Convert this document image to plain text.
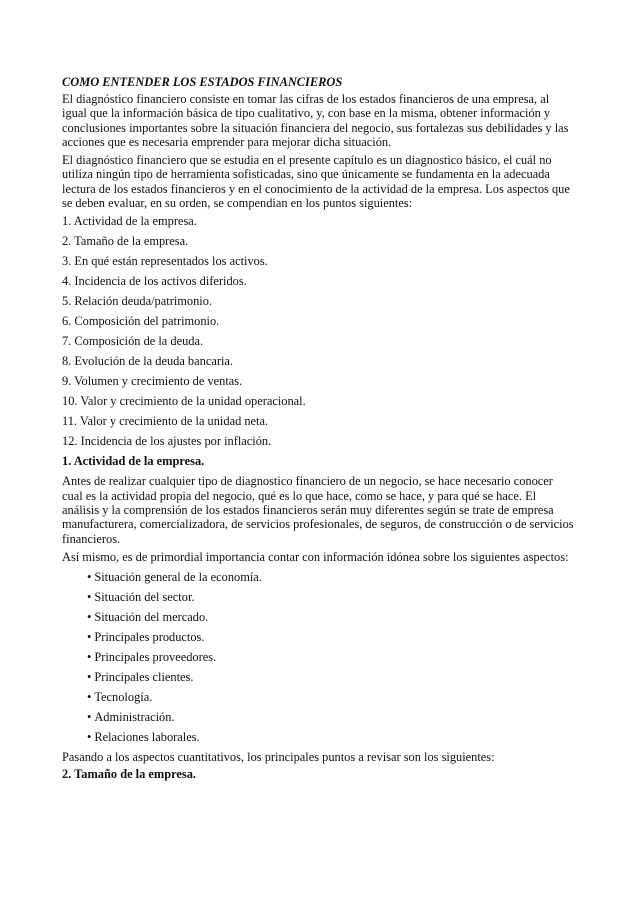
COMO ENTENDER LOS ESTADOS FINANCIEROS

El diagnóstico financiero consiste en tomar las cifras de los estados financieros de una empresa, al igual que la información básica de tipo cualitativo, y, con base en la misma, obtener información y conclusiones importantes sobre la situación financiera del negocio, sus fortalezas sus debilidades y las acciones que es necesaria emprender para mejorar dicha situación.

El diagnóstico financiero que se estudia en el presente capítulo es un diagnostico básico, el cuál no utiliza ningún tipo de herramienta sofisticadas, sino que únicamente se fundamenta en la adecuada lectura de los estados financieros y en el conocimiento de la actividad de la empresa. Los aspectos que se deben evaluar, en su orden, se compendian en los puntos siguientes:

1. Actividad de la empresa.
2. Tamaño de la empresa.
3. En qué están representados los activos.
4. Incidencia de los activos diferidos.
5. Relación deuda/patrimonio.
6. Composición del patrimonio.
7. Composición de la deuda.
8. Evolución de la deuda bancaria.
9. Volumen y crecimiento de ventas.
10. Valor y crecimiento de la unidad operacional.
11. Valor y crecimiento de la unidad neta.
12. Incidencia de los ajustes por inflación.
1. Actividad de la empresa.

Antes de realizar cualquier tipo de diagnostico financiero de un negocio, se hace necesario conocer cual es la actividad propia del negocio, qué es lo que hace, como se hace, y para qué se hace. El análisis y la comprensión de los estados financieros serán muy diferentes según se trate de empresa manufacturera, comercializadora, de servicios profesionales, de seguros, de construcción o de servicios financieros.

Así mismo, es de primordial importancia contar con información idónea sobre los siguientes aspectos:

• Situación general de la economía.
• Situación del sector.
• Situación del mercado.
• Principales productos.
• Principales proveedores.
• Principales clientes.
• Tecnología.
• Administración.
• Relaciones laborales.

Pasando a los aspectos cuantitativos, los principales puntos a revisar son los siguientes:

2. Tamaño de la empresa.
